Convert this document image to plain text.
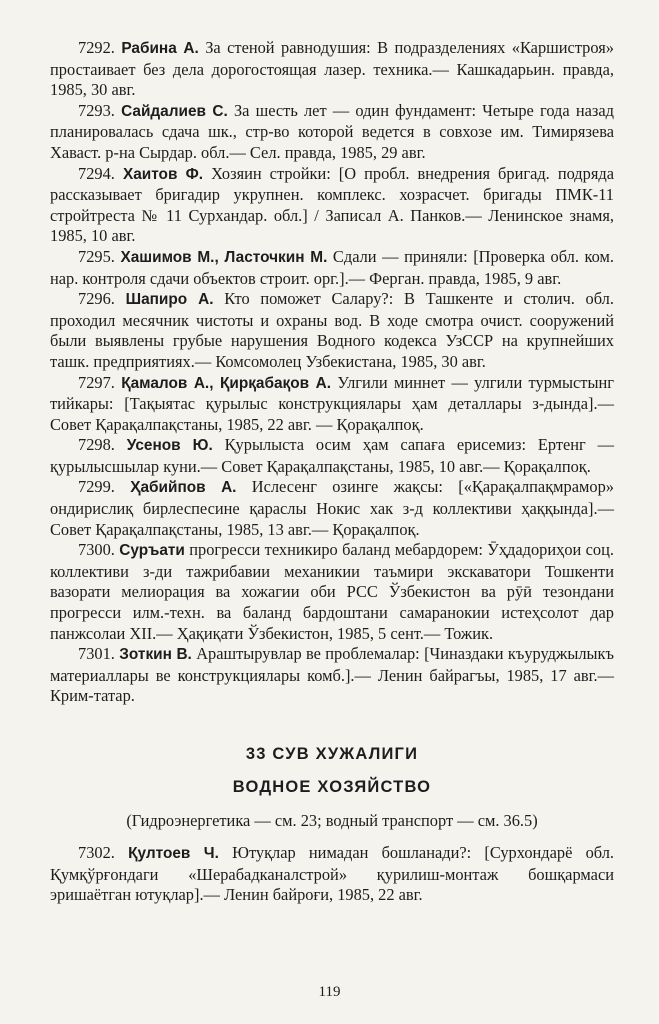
7292. Рабина А. За стеной равнодушия: В подразделениях «Каршистроя» простаивает без дела дорогостоящая лазер. техника.— Кашкадарьин. правда, 1985, 30 авг.

7293. Сайдалиев С. За шесть лет — один фундамент: Четыре года назад планировалась сдача шк., стр-во которой ведется в совхозе им. Тимирязева Хаваст. р-на Сырдар. обл.— Сел. правда, 1985, 29 авг.

7294. Хаитов Ф. Хозяин стройки: [О пробл. внедрения бригад. подряда рассказывает бригадир укрупнен. комплекс. хозрасчет. бригады ПМК-11 стройтреста № 11 Сурхандар. обл.] / Записал А. Панков.— Ленинское знамя, 1985, 10 авг.

7295. Хашимов М., Ласточкин М. Сдали — приняли: [Проверка обл. ком. нар. контроля сдачи объектов строит. орг.].— Ферган. правда, 1985, 9 авг.

7296. Шапиро А. Кто поможет Салару?: В Ташкенте и столич. обл. проходил месячник чистоты и охраны вод. В ходе смотра очист. сооружений были выявлены грубые нарушения Водного кодекса УзССР на крупнейших ташк. предприятиях.— Комсомолец Узбекистана, 1985, 30 авг.

7297. Қамалов А., Қирқабақов А. Улгили миннет — улгили турмыстынг тийкары: [Тақыятас қурылыс конструкциялары ҳам деталлары з-дында].— Совет Қарақалпақстаны, 1985, 22 авг. — Қорақалпоқ.

7298. Усенов Ю. Қурылыста осим ҳам сапаға ерисемиз: Ертенг — қурылысшылар куни.— Совет Қарақалпақстаны, 1985, 10 авг.— Қорақалпоқ.

7299. Ҳабийпов А. Ислесенг озинге жақсы: [«Қарақалпақмрамор» ондирислиқ бирлеспесине қараслы Нокис хак з-д коллективи ҳаққында].— Совет Қарақалпақстаны, 1985, 13 авг.— Қорақалпоқ.

7300. Суръати прогресси техникиро баланд мебардорем: Ӯҳдадориҳои соц. коллективи з-ди тажрибавии механикии таъмири экскаватори Тошкенти вазорати мелиорация ва хожагии оби РСС Ўзбекистон ва рӯӣ тезондани прогресси илм.-техн. ва баланд бардоштани самаранокии истеҳсолот дар панжсолаи XII.— Ҳақиқати Ўзбекистон, 1985, 5 сент.— Тожик.

7301. Зоткин В. Араштырувлар ве проблемалар: [Чиназдаки къуруджылыкъ материаллары ве конструкциялары комб.].— Ленин байрагъы, 1985, 17 авг.— Крим-татар.

33 СУВ ХУЖАЛИГИ

ВОДНОЕ ХОЗЯЙСТВО

(Гидроэнергетика — см. 23; водный транспорт — см. 36.5)

7302. Қултоев Ч. Ютуқлар нимадан бошланади?: [Сурхондарё обл. Қумқўрғондаги «Шерабадканалстрой» қурилиш-монтаж бошқармаси эришаётган ютуқлар].— Ленин байроғи, 1985, 22 авг.

119
